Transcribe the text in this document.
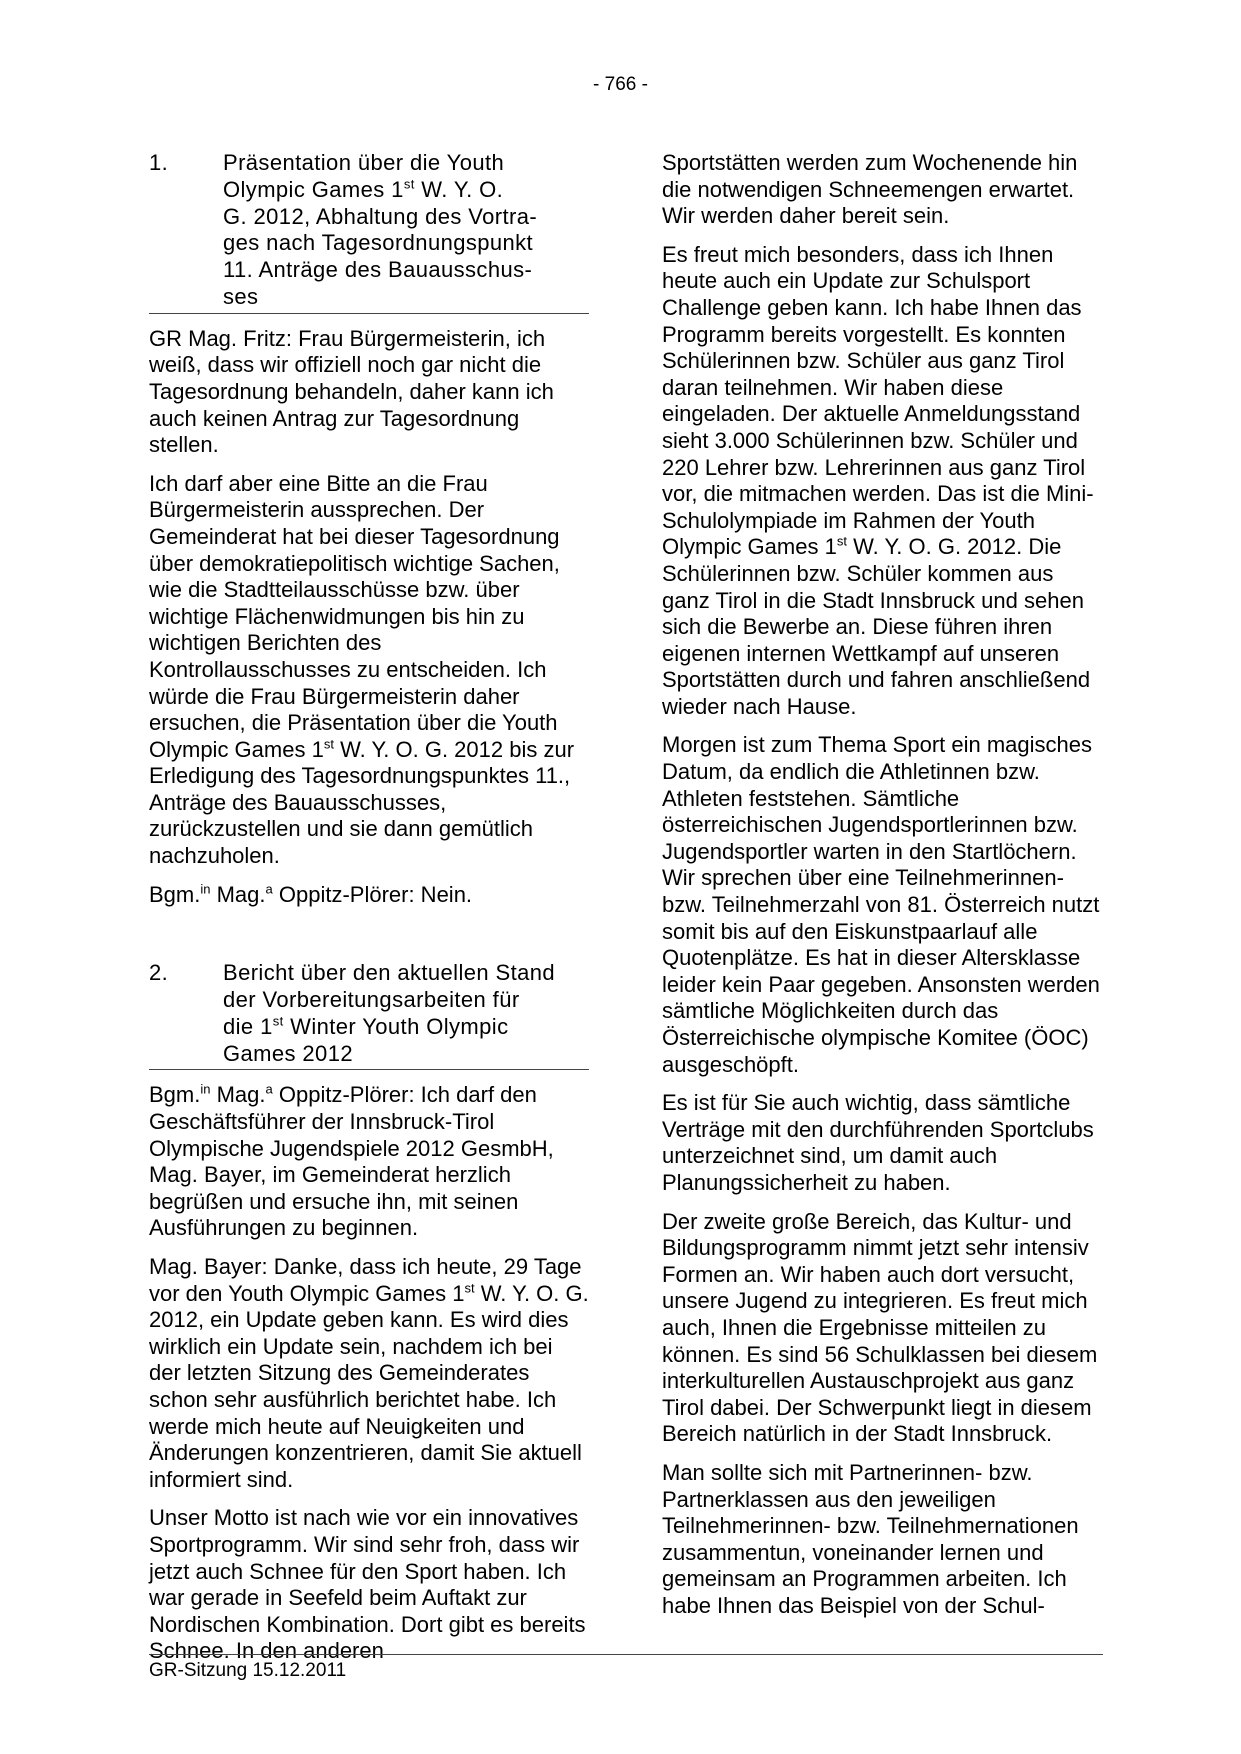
- 766 -
1. Präsentation über die Youth
Olympic Games 1st W. Y. O.
G. 2012, Abhaltung des Vortra-
ges nach Tagesordnungspunkt
11. Anträge des Bauausschus-
ses

GR Mag. Fritz: Frau Bürgermeisterin, ich weiß, dass wir offiziell noch gar nicht die Tagesordnung behandeln, daher kann ich auch keinen Antrag zur Tagesordnung stellen.

Ich darf aber eine Bitte an die Frau Bürgermeisterin aussprechen. Der Gemeinderat hat bei dieser Tagesordnung über demokratiepolitisch wichtige Sachen, wie die Stadtteilausschüsse bzw. über wichtige Flächenwidmungen bis hin zu wichtigen Berichten des Kontrollausschusses zu entscheiden. Ich würde die Frau Bürgermeisterin daher ersuchen, die Präsentation über die Youth Olympic Games 1st W. Y. O. G. 2012 bis zur Erledigung des Tagesordnungspunktes 11., Anträge des Bauausschusses, zurückzustellen und sie dann gemütlich nachzuholen.

Bgm.$^{in}$ Mag.$^a$ Oppitz-Plörer: Nein.

2. Bericht über den aktuellen Stand
der Vorbereitungsarbeiten für
die 1st Winter Youth Olympic
Games 2012

Bgm.$^{in}$ Mag.$^a$ Oppitz-Plörer: Ich darf den Geschäftsführer der Innsbruck-Tirol Olympische Jugendspiele 2012 GesmbH, Mag. Bayer, im Gemeinderat herzlich begrüßen und ersuche ihn, mit seinen Ausführungen zu beginnen.

Mag. Bayer: Danke, dass ich heute, 29 Tage vor den Youth Olympic Games 1st W. Y. O. G. 2012, ein Update geben kann. Es wird dies wirklich ein Update sein, nachdem ich bei der letzten Sitzung des Gemeinderates schon sehr ausführlich berichtet habe. Ich werde mich heute auf Neuigkeiten und Änderungen konzentrieren, damit Sie aktuell informiert sind.

Unser Motto ist nach wie vor ein innovatives Sportprogramm. Wir sind sehr froh, dass wir jetzt auch Schnee für den Sport haben. Ich war gerade in Seefeld beim Auftakt zur Nordischen Kombination. Dort gibt es bereits Schnee. In den anderen

Sportstätten werden zum Wochenende hin die notwendigen Schneemengen erwartet. Wir werden daher bereit sein.

Es freut mich besonders, dass ich Ihnen heute auch ein Update zur Schulsport Challenge geben kann. Ich habe Ihnen das Programm bereits vorgestellt. Es konnten Schülerinnen bzw. Schüler aus ganz Tirol daran teilnehmen. Wir haben diese eingeladen. Der aktuelle Anmeldungsstand sieht 3.000 Schülerinnen bzw. Schüler und 220 Lehrer bzw. Lehrerinnen aus ganz Tirol vor, die mitmachen werden. Das ist die Mini-Schulolympiade im Rahmen der Youth Olympic Games 1st W. Y. O. G. 2012. Die Schülerinnen bzw. Schüler kommen aus ganz Tirol in die Stadt Innsbruck und sehen sich die Bewerbe an. Diese führen ihren eigenen internen Wettkampf auf unseren Sportstätten durch und fahren anschließend wieder nach Hause.

Morgen ist zum Thema Sport ein magisches Datum, da endlich die Athletinnen bzw. Athleten feststehen. Sämtliche österreichischen Jugendsportlerinnen bzw. Jugendsportler warten in den Startlöchern. Wir sprechen über eine Teilnehmerinnen- bzw. Teilnehmerzahl von 81. Österreich nutzt somit bis auf den Eiskunstpaarlauf alle Quotenplätze. Es hat in dieser Altersklasse leider kein Paar gegeben. Ansonsten werden sämtliche Möglichkeiten durch das Österreichische olympische Komitee (ÖOC) ausgeschöpft.

Es ist für Sie auch wichtig, dass sämtliche Verträge mit den durchführenden Sportclubs unterzeichnet sind, um damit auch Planungssicherheit zu haben.

Der zweite große Bereich, das Kultur- und Bildungsprogramm nimmt jetzt sehr intensiv Formen an. Wir haben auch dort versucht, unsere Jugend zu integrieren. Es freut mich auch, Ihnen die Ergebnisse mitteilen zu können. Es sind 56 Schulklassen bei diesem interkulturellen Austauschprojekt aus ganz Tirol dabei. Der Schwerpunkt liegt in diesem Bereich natürlich in der Stadt Innsbruck.

Man sollte sich mit Partnerinnen- bzw. Partnerklassen aus den jeweiligen Teilnehmerinnen- bzw. Teilnehmernationen zusammentun, voneinander lernen und gemeinsam an Programmen arbeiten. Ich habe Ihnen das Beispiel von der Schul-

GR-Sitzung 15.12.2011
